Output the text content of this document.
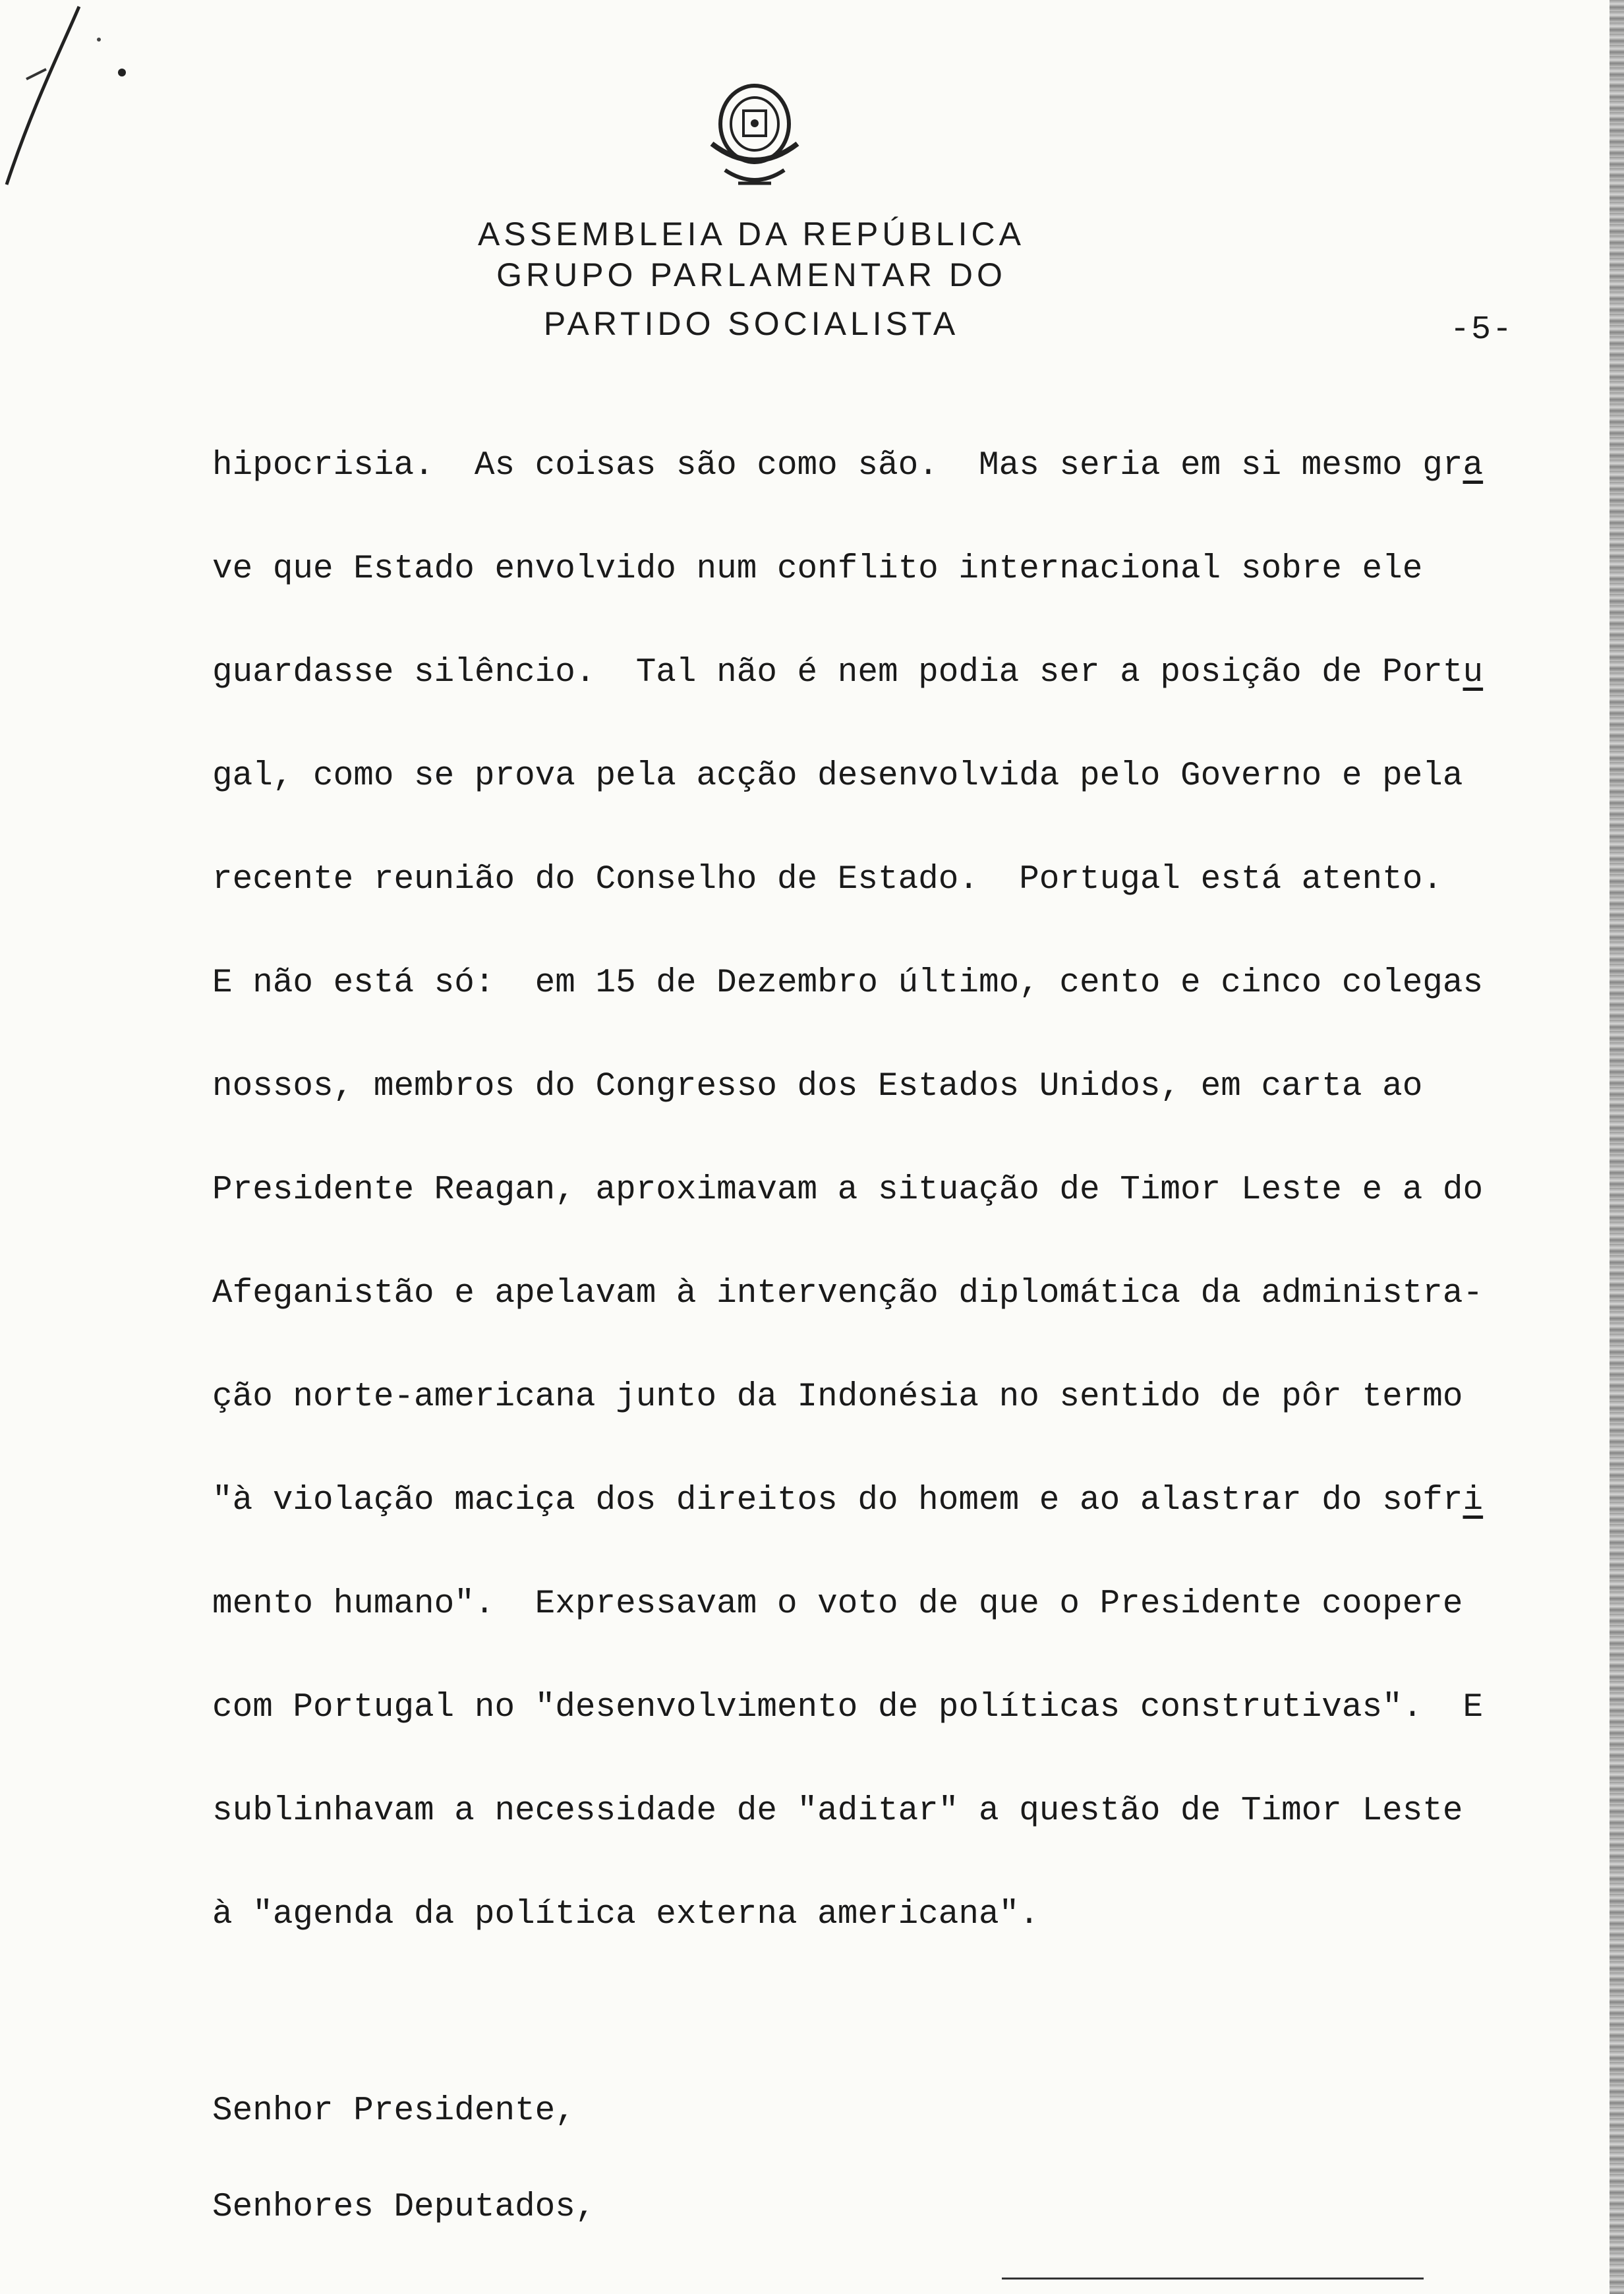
ASSEMBLEIA DA REPÚBLICA
GRUPO PARLAMENTAR DO
PARTIDO SOCIALISTA	-5-

hipocrisia.  As coisas são como são.  Mas seria em si mesmo gra

ve que Estado envolvido num conflito internacional sobre ele

guardasse silêncio.  Tal não é nem podia ser a posição de Portu

gal, como se prova pela acção desenvolvida pelo Governo e pela

recente reunião do Conselho de Estado.  Portugal está atento.

E não está só:  em 15 de Dezembro último, cento e cinco colegas

nossos, membros do Congresso dos Estados Unidos, em carta ao

Presidente Reagan, aproximavam a situação de Timor Leste e a do

Afeganistão e apelavam à intervenção diplomática da administra-

ção norte-americana junto da Indonésia no sentido de pôr termo

"à violação maciça dos direitos do homem e ao alastrar do sofri

mento humano".  Expressavam o voto de que o Presidente coopere

com Portugal no "desenvolvimento de políticas construtivas".  E

sublinhavam a necessidade de "aditar" a questão de Timor Leste

à "agenda da política externa americana".

Senhor Presidente,

Senhores Deputados,
